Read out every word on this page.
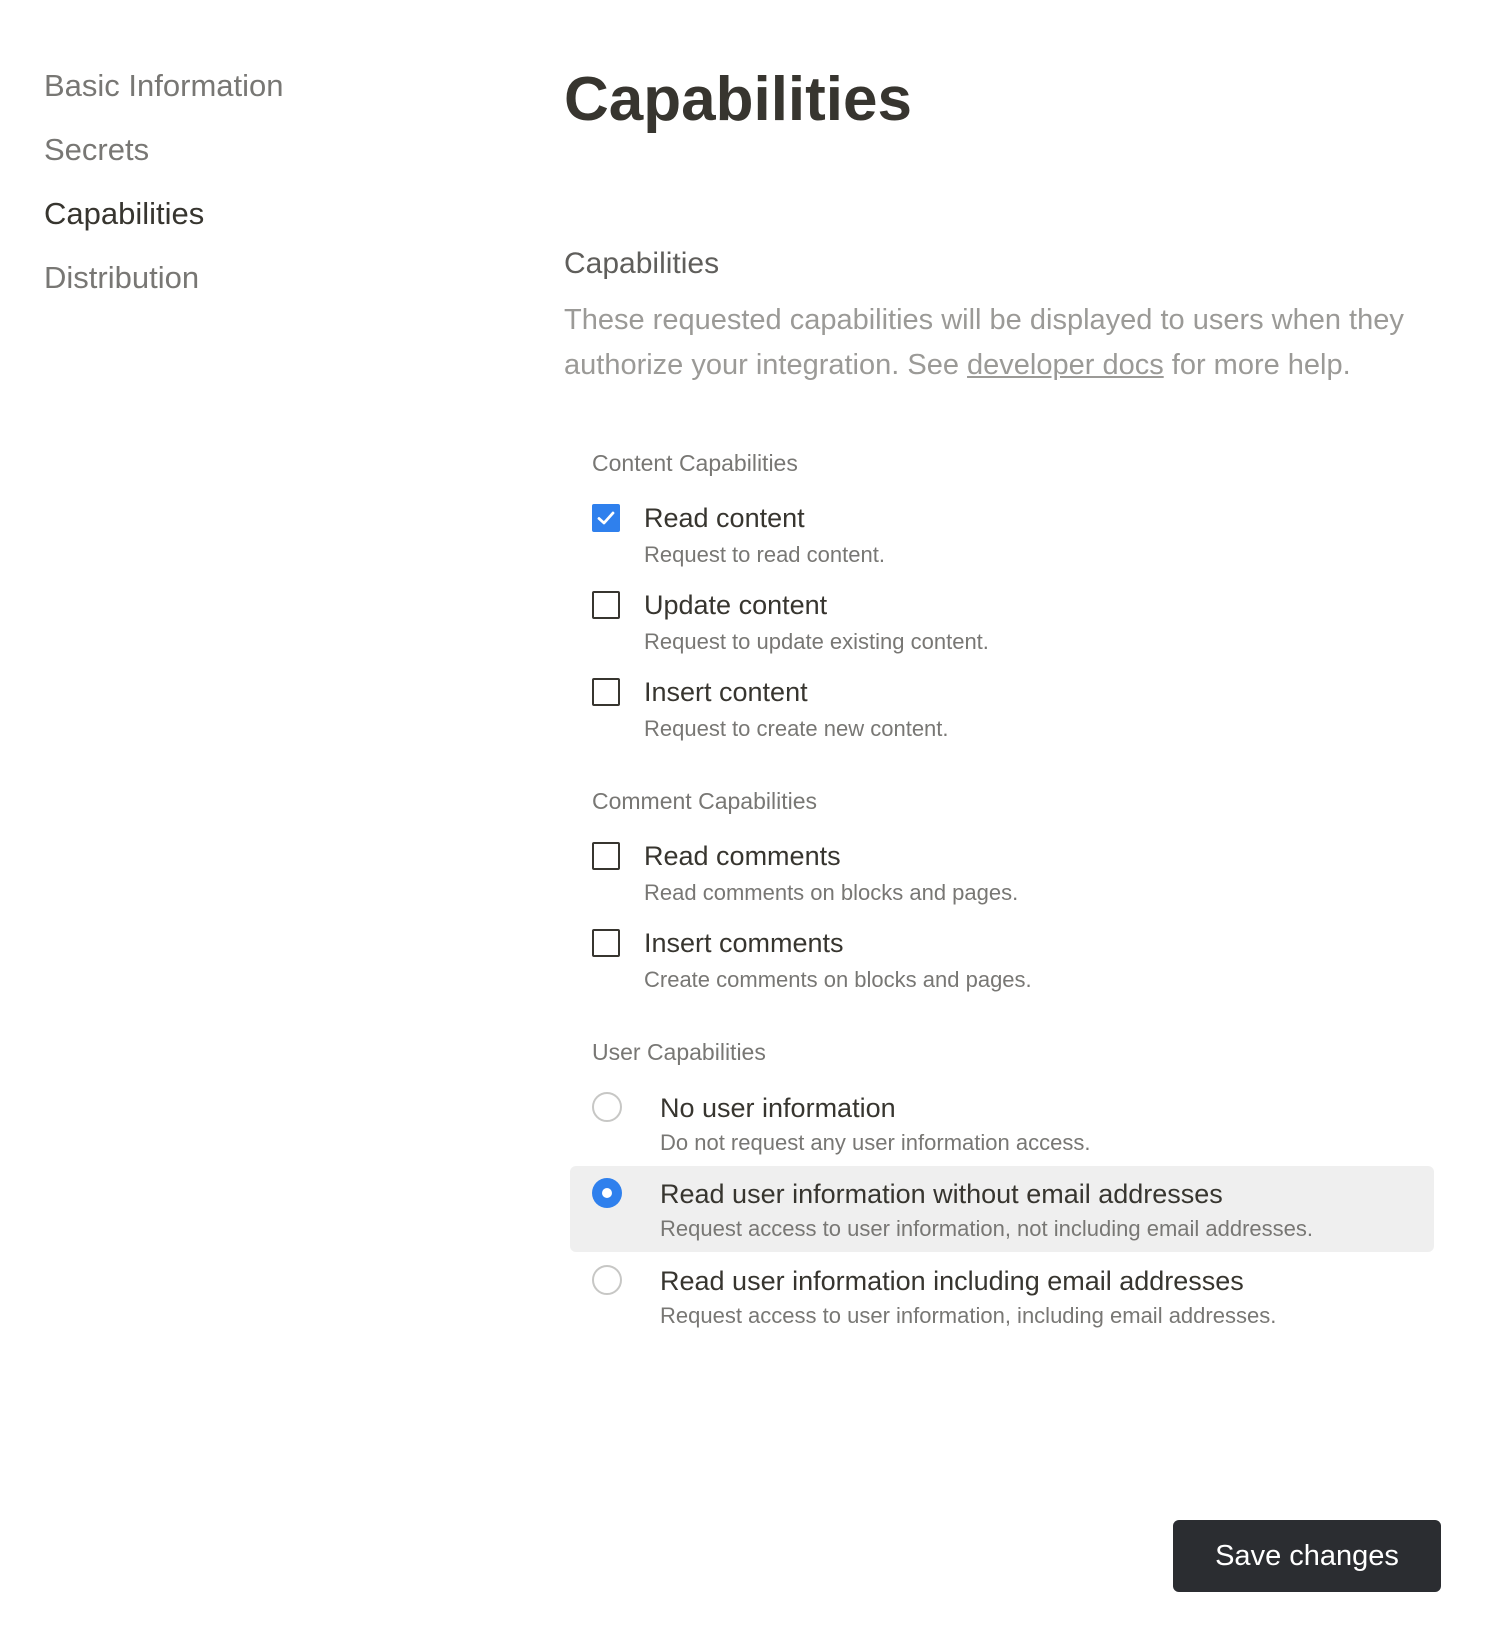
Basic Information
Secrets
Capabilities
Distribution
Capabilities
Capabilities

These requested capabilities will be displayed to users when they authorize your integration. See developer docs for more help.

Content Capabilities
Read content
Request to read content.
Update content
Request to update existing content.
Insert content
Request to create new content.
Comment Capabilities
Read comments
Read comments on blocks and pages.
Insert comments
Create comments on blocks and pages.
User Capabilities
No user information
Do not request any user information access.
Read user information without email addresses
Request access to user information, not including email addresses.
Read user information including email addresses
Request access to user information, including email addresses.
Save changes
